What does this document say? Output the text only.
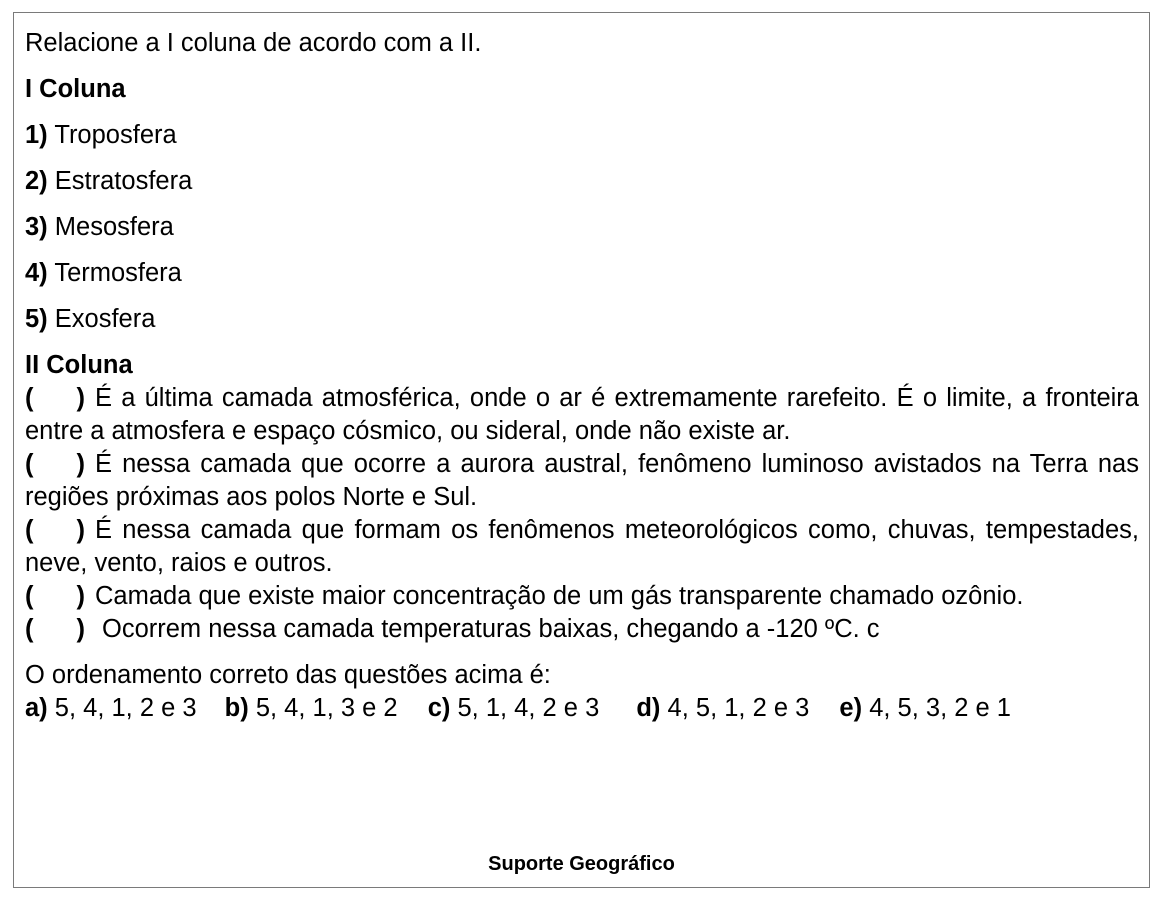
Relacione a I coluna de acordo com a II.

I Coluna

1) Troposfera

2) Estratosfera

3) Mesosfera

4) Termosfera

5) Exosfera

II Coluna

( ) É a última camada atmosférica, onde o ar é extremamente rarefeito. É o limite, a fronteira entre a atmosfera e espaço cósmico, ou sideral, onde não existe ar.

( ) É nessa camada que ocorre a aurora austral, fenômeno luminoso avistados na Terra nas regiões próximas aos polos Norte e Sul.

( ) É nessa camada que formam os fenômenos meteorológicos como, chuvas, tempestades, neve, vento, raios e outros.

( ) Camada que existe maior concentração de um gás transparente chamado ozônio.

( ) Ocorrem nessa camada temperaturas baixas, chegando a -120 ºC. c

O ordenamento correto das questões acima é:

a) 5, 4, 1, 2 e 3 b) 5, 4, 1, 3 e 2 c) 5, 1, 4, 2 e 3 d) 4, 5, 1, 2 e 3 e) 4, 5, 3, 2 e 1

Suporte Geográfico
